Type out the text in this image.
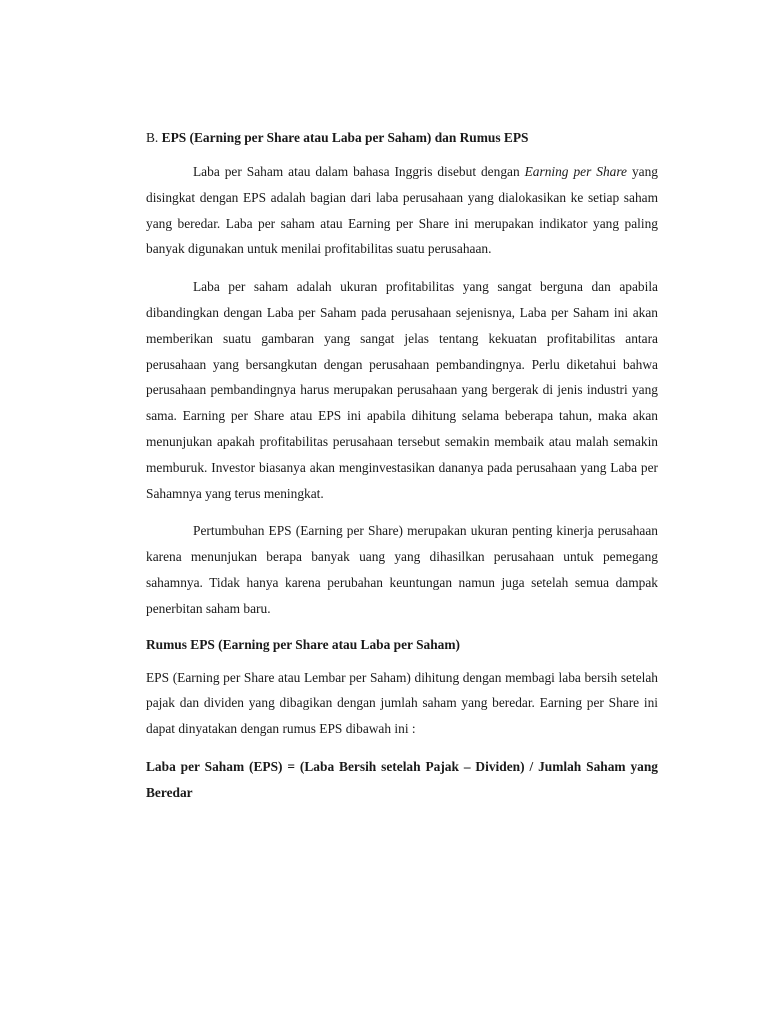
B. EPS (Earning per Share atau Laba per Saham) dan Rumus EPS

Laba per Saham atau dalam bahasa Inggris disebut dengan Earning per Share yang disingkat dengan EPS adalah bagian dari laba perusahaan yang dialokasikan ke setiap saham yang beredar. Laba per saham atau Earning per Share ini merupakan indikator yang paling banyak digunakan untuk menilai profitabilitas suatu perusahaan.

Laba per saham adalah ukuran profitabilitas yang sangat berguna dan apabila dibandingkan dengan Laba per Saham pada perusahaan sejenisnya, Laba per Saham ini akan memberikan suatu gambaran yang sangat jelas tentang kekuatan profitabilitas antara perusahaan yang bersangkutan dengan perusahaan pembandingnya. Perlu diketahui bahwa perusahaan pembandingnya harus merupakan perusahaan yang bergerak di jenis industri yang sama. Earning per Share atau EPS ini apabila dihitung selama beberapa tahun, maka akan menunjukan apakah profitabilitas perusahaan tersebut semakin membaik atau malah semakin memburuk. Investor biasanya akan menginvestasikan dananya pada perusahaan yang Laba per Sahamnya yang terus meningkat.

Pertumbuhan EPS (Earning per Share) merupakan ukuran penting kinerja perusahaan karena menunjukan berapa banyak uang yang dihasilkan perusahaan untuk pemegang sahamnya. Tidak hanya karena perubahan keuntungan namun juga setelah semua dampak penerbitan saham baru.

Rumus EPS (Earning per Share atau Laba per Saham)

EPS (Earning per Share atau Lembar per Saham) dihitung dengan membagi laba bersih setelah pajak dan dividen yang dibagikan dengan jumlah saham yang beredar. Earning per Share ini dapat dinyatakan dengan rumus EPS dibawah ini :

Laba per Saham (EPS) = (Laba Bersih setelah Pajak – Dividen) / Jumlah Saham yang Beredar
